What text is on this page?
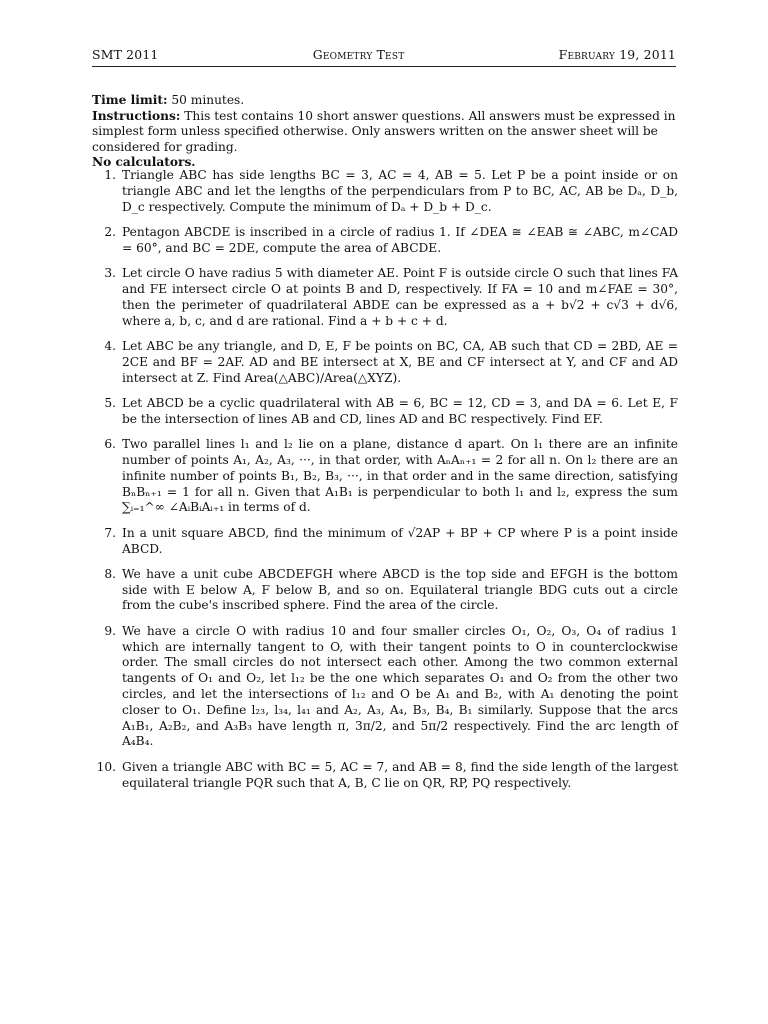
SMT 2011	Geometry Test	February 19, 2011
Time limit: 50 minutes.
Instructions: This test contains 10 short answer questions. All answers must be expressed in simplest form unless specified otherwise. Only answers written on the answer sheet will be considered for grading.
No calculators.
1. Triangle ABC has side lengths BC = 3, AC = 4, AB = 5. Let P be a point inside or on triangle ABC and let the lengths of the perpendiculars from P to BC, AC, AB be Dₐ, D_b, D_c respectively. Compute the minimum of Dₐ + D_b + D_c.
2. Pentagon ABCDE is inscribed in a circle of radius 1. If ∠DEA ≅ ∠EAB ≅ ∠ABC, m∠CAD = 60°, and BC = 2DE, compute the area of ABCDE.
3. Let circle O have radius 5 with diameter AE. Point F is outside circle O such that lines FA and FE intersect circle O at points B and D, respectively. If FA = 10 and m∠FAE = 30°, then the perimeter of quadrilateral ABDE can be expressed as a + b√2 + c√3 + d√6, where a, b, c, and d are rational. Find a + b + c + d.
4. Let ABC be any triangle, and D, E, F be points on BC, CA, AB such that CD = 2BD, AE = 2CE and BF = 2AF. AD and BE intersect at X, BE and CF intersect at Y, and CF and AD intersect at Z. Find Area(△ABC)/Area(△XYZ).
5. Let ABCD be a cyclic quadrilateral with AB = 6, BC = 12, CD = 3, and DA = 6. Let E, F be the intersection of lines AB and CD, lines AD and BC respectively. Find EF.
6. Two parallel lines l₁ and l₂ lie on a plane, distance d apart. On l₁ there are an infinite number of points A₁, A₂, A₃, ···, in that order, with AₙAₙ₊₁ = 2 for all n. On l₂ there are an infinite number of points B₁, B₂, B₃, ···, in that order and in the same direction, satisfying BₙBₙ₊₁ = 1 for all n. Given that A₁B₁ is perpendicular to both l₁ and l₂, express the sum ∑ᵢ₌₁^∞ ∠AᵢBᵢAᵢ₊₁ in terms of d.
7. In a unit square ABCD, find the minimum of √2AP + BP + CP where P is a point inside ABCD.
8. We have a unit cube ABCDEFGH where ABCD is the top side and EFGH is the bottom side with E below A, F below B, and so on. Equilateral triangle BDG cuts out a circle from the cube's inscribed sphere. Find the area of the circle.
9. We have a circle O with radius 10 and four smaller circles O₁, O₂, O₃, O₄ of radius 1 which are internally tangent to O, with their tangent points to O in counterclockwise order. The small circles do not intersect each other. Among the two common external tangents of O₁ and O₂, let l₁₂ be the one which separates O₁ and O₂ from the other two circles, and let the intersections of l₁₂ and O be A₁ and B₂, with A₁ denoting the point closer to O₁. Define l₂₃, l₃₄, l₄₁ and A₂, A₃, A₄, B₃, B₄, B₁ similarly. Suppose that the arcs A₁B₁, A₂B₂, and A₃B₃ have length π, 3π/2, and 5π/2 respectively. Find the arc length of A₄B₄.
10. Given a triangle ABC with BC = 5, AC = 7, and AB = 8, find the side length of the largest equilateral triangle PQR such that A, B, C lie on QR, RP, PQ respectively.
